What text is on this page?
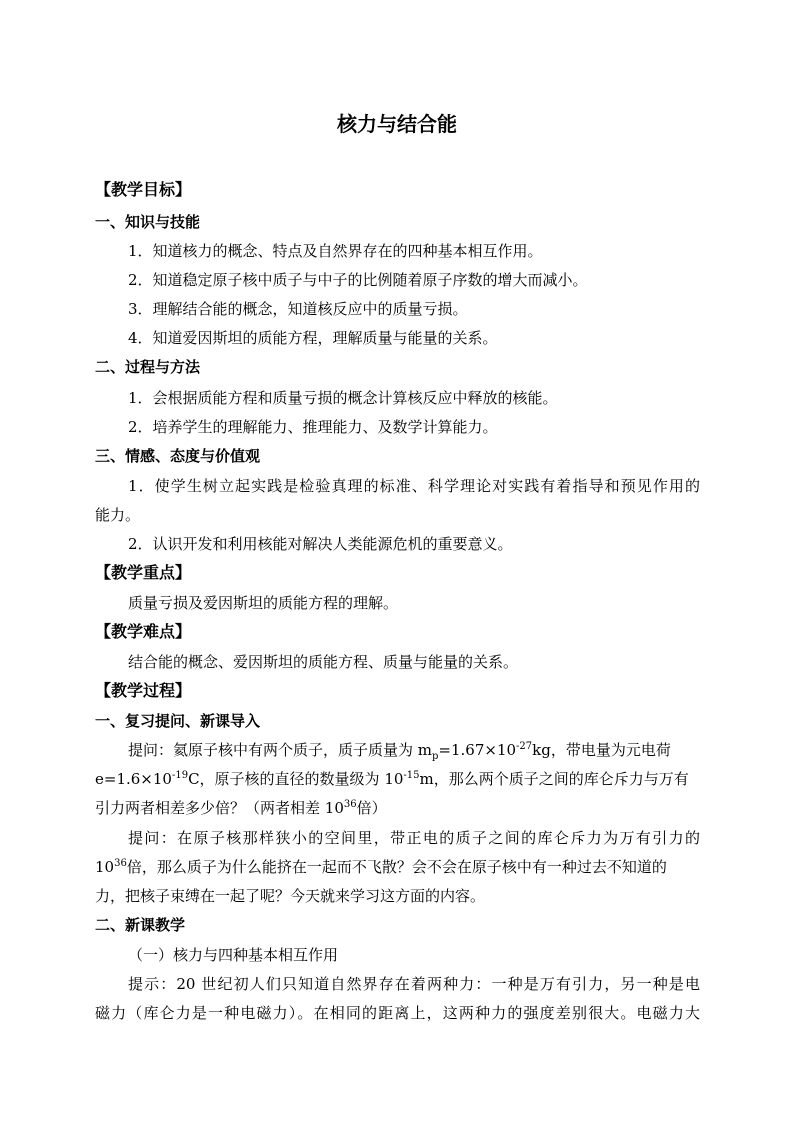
核力与结合能
【教学目标】
一、知识与技能
1．知道核力的概念、特点及自然界存在的四种基本相互作用。
2．知道稳定原子核中质子与中子的比例随着原子序数的增大而减小。
3．理解结合能的概念，知道核反应中的质量亏损。
4．知道爱因斯坦的质能方程，理解质量与能量的关系。
二、过程与方法
1．会根据质能方程和质量亏损的概念计算核反应中释放的核能。
2．培养学生的理解能力、推理能力、及数学计算能力。
三、情感、态度与价值观
1．使学生树立起实践是检验真理的标准、科学理论对实践有着指导和预见作用的
能力。
2．认识开发和利用核能对解决人类能源危机的重要意义。
【教学重点】
质量亏损及爱因斯坦的质能方程的理解。
【教学难点】
结合能的概念、爱因斯坦的质能方程、质量与能量的关系。
【教学过程】
一、复习提问、新课导入
提问：氦原子核中有两个质子，质子质量为 $m_p=1.67\times 10^{-27}kg$，带电量为元电荷
$e=1.6\times 10^{-19}C$，原子核的直径的数量级为 $10^{-15}m$，那么两个质子之间的库仑斥力与万有
引力两者相差多少倍？（两者相差 $10^{36}$倍）
提问：在原子核那样狭小的空间里，带正电的质子之间的库仑斥力为万有引力的
$10^{36}$倍，那么质子为什么能挤在一起而不飞散？会不会在原子核中有一种过去不知道的
力，把核子束缚在一起了呢？今天就来学习这方面的内容。
二、新课教学
（一）核力与四种基本相互作用
提示：20 世纪初人们只知道自然界存在着两种力：一种是万有引力，另一种是电
磁力（库仑力是一种电磁力）。在相同的距离上，这两种力的强度差别很大。电磁力大
